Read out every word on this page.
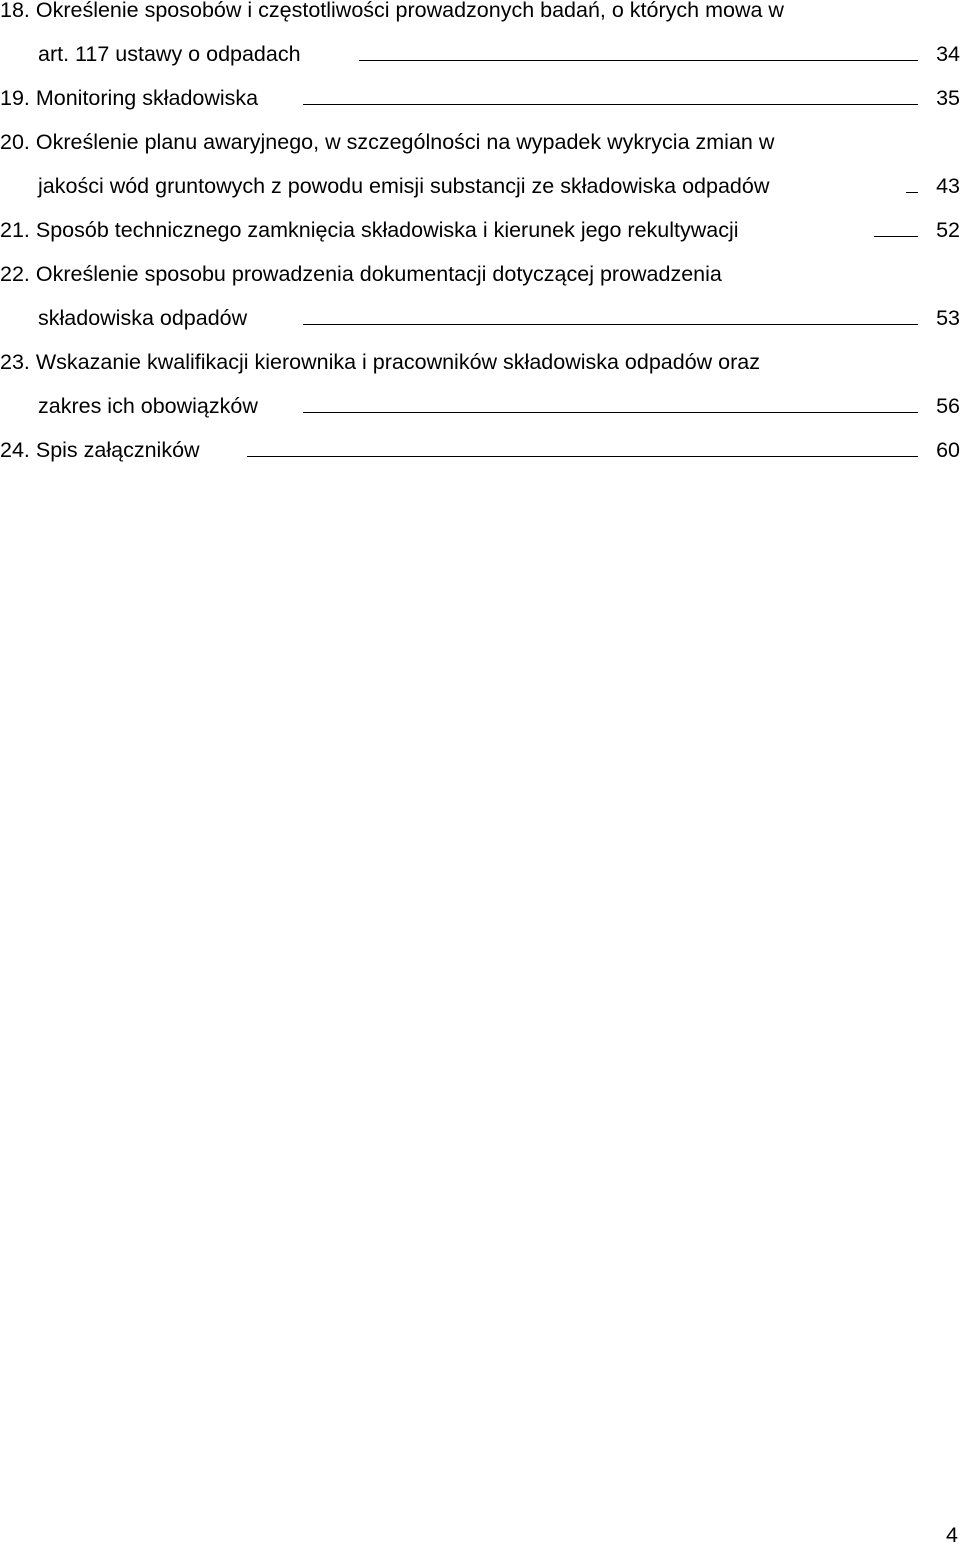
18. Określenie sposobów i częstotliwości prowadzonych badań, o których mowa w
art. 117 ustawy o odpadach	34
19. Monitoring składowiska	35
20. Określenie planu awaryjnego, w szczególności na wypadek wykrycia zmian w
jakości wód gruntowych z powodu emisji substancji ze składowiska odpadów	43
21. Sposób technicznego zamknięcia składowiska i kierunek jego rekultywacji	52
22. Określenie sposobu prowadzenia dokumentacji dotyczącej prowadzenia
składowiska odpadów	53
23. Wskazanie kwalifikacji kierownika i pracowników składowiska odpadów oraz
zakres ich obowiązków	56
24. Spis załączników	60
4
